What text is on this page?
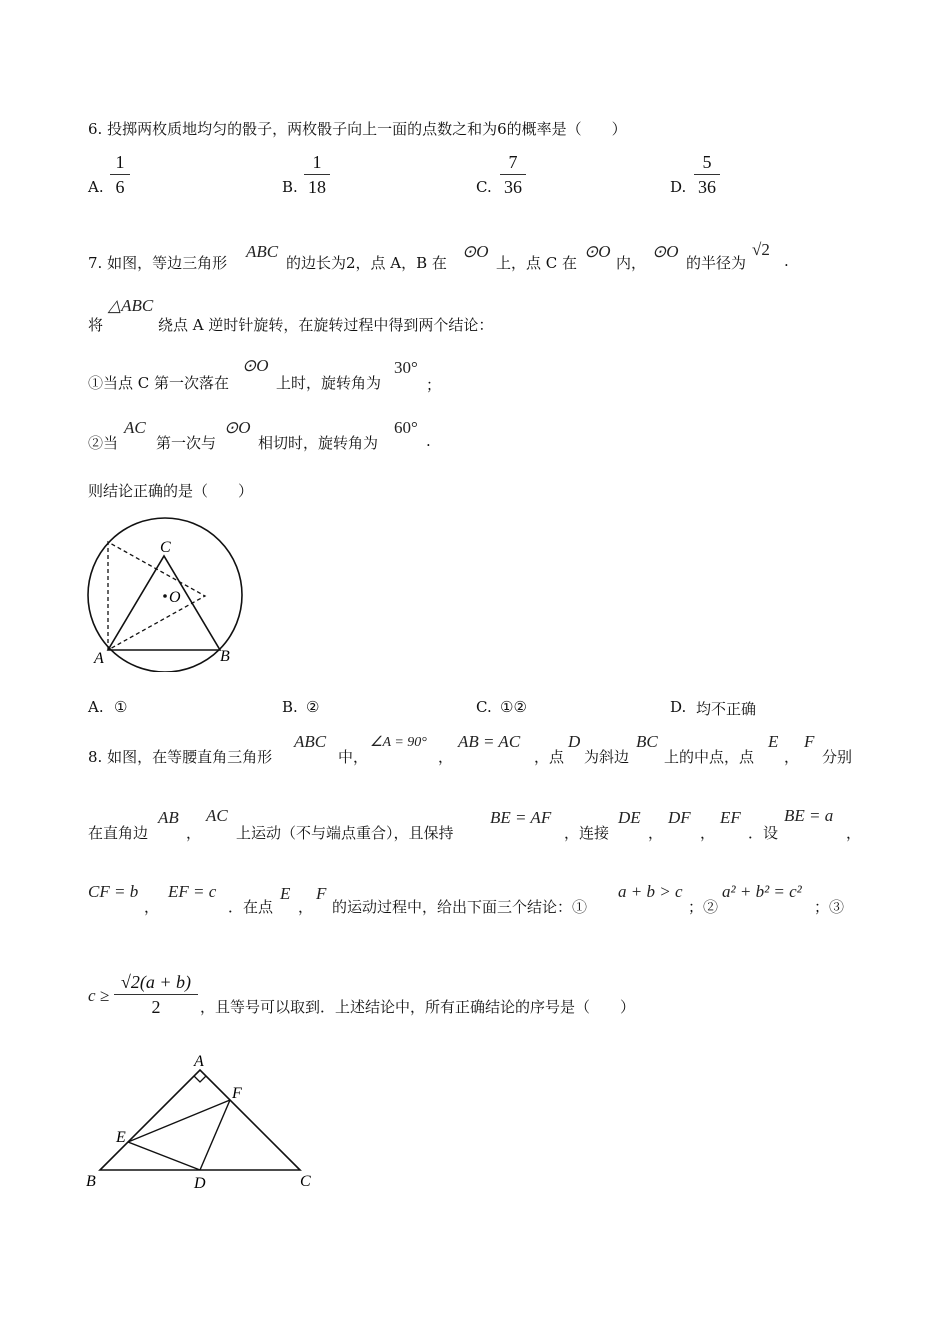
6. 投掷两枚质地均匀的骰子，两枚骰子向上一面的点数之和为6的概率是（　　）
A.
1
6	B.
1
18	C.
7
36	D.
5
36
7. 如图，等边三角形
ABC
的边长为2，点 A，B 在
⊙O
上，点 C 在
⊙O
内，
⊙O
的半径为
√2
.
将
△ABC
绕点 A 逆时针旋转，在旋转过程中得到两个结论：
①当点 C 第一次落在
⊙O
上时，旋转角为
30°
；
②当
AC
第一次与
⊙O
相切时，旋转角为
60°
.
则结论正确的是（　　）
C
O
A	B
A. ①	B. ②	C. ①②	D. 均不正确
8. 如图，在等腰直角三角形
ABC
中，
∠A = 90°
，
AB = AC
，点
D
为斜边
BC
上的中点，点
E
，
F
分别
在直角边
AB
，
AC
上运动（不与端点重合），且保持
BE = AF
，连接
DE
，
DF
，
EF
．设
BE = a
，
CF = b
，
EF = c
．在点
E
，
F
的运动过程中，给出下面三个结论：①
a + b > c
；②
a² + b² = c²
；③
c ≥
√2(a + b)
2	，且等号可以取到．上述结论中，所有正确结论的序号是（　　）
A
F
E
B	D	C
